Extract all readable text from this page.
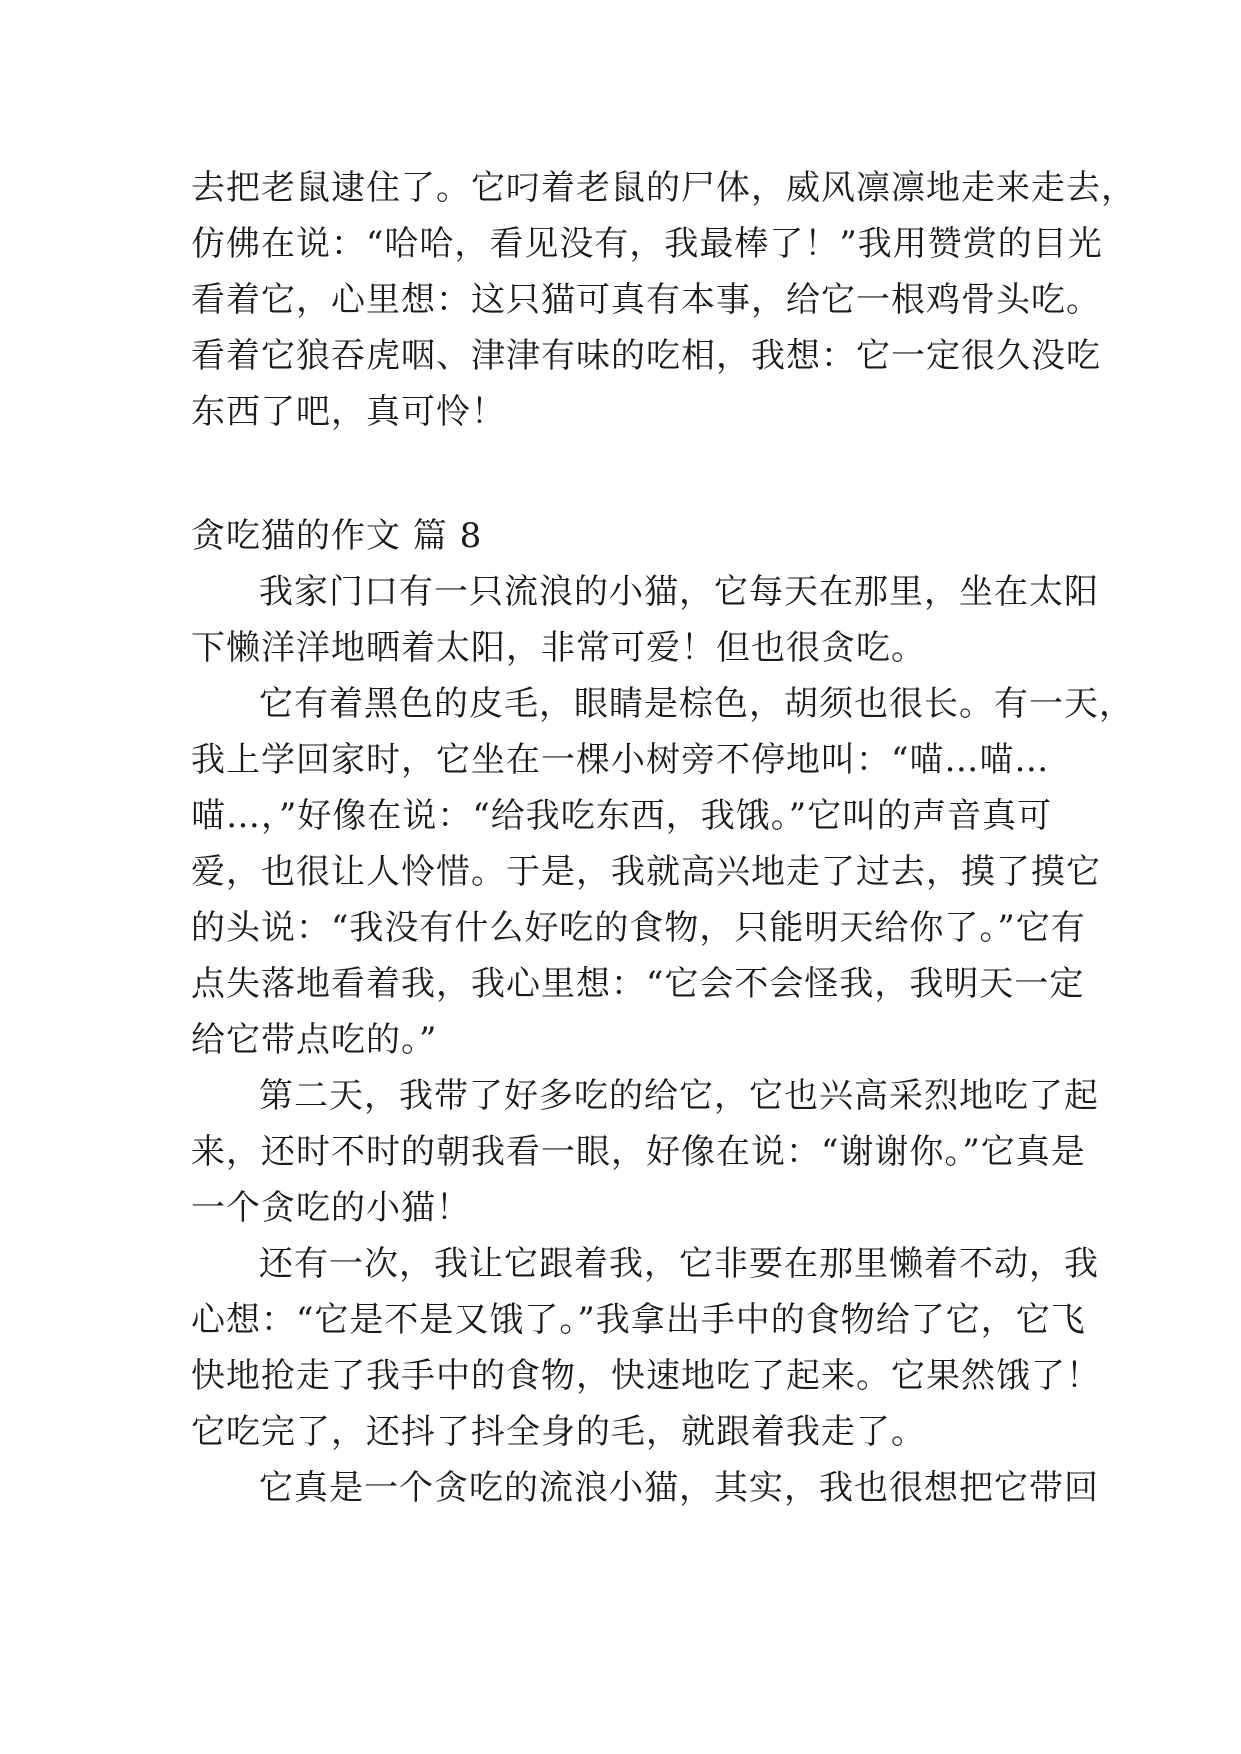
去把老鼠逮住了。它叼着老鼠的尸体，威风凛凛地走来走去，
仿佛在说：“哈哈，看见没有，我最棒了！”我用赞赏的目光
看着它，心里想：这只猫可真有本事，给它一根鸡骨头吃。
看着它狼吞虎咽、津津有味的吃相，我想：它一定很久没吃
东西了吧，真可怜！
贪吃猫的作文 篇 8
我家门口有一只流浪的小猫，它每天在那里，坐在太阳
下懒洋洋地晒着太阳，非常可爱！但也很贪吃。
它有着黑色的皮毛，眼睛是棕色，胡须也很长。有一天，
我上学回家时，它坐在一棵小树旁不停地叫：“喵…喵…
喵…，”好像在说：“给我吃东西，我饿。”它叫的声音真可
爱，也很让人怜惜。于是，我就高兴地走了过去，摸了摸它
的头说：“我没有什么好吃的食物，只能明天给你了。”它有
点失落地看着我，我心里想：“它会不会怪我，我明天一定
给它带点吃的。”
第二天，我带了好多吃的给它，它也兴高采烈地吃了起
来，还时不时的朝我看一眼，好像在说：“谢谢你。”它真是
一个贪吃的小猫！
还有一次，我让它跟着我，它非要在那里懒着不动，我
心想：“它是不是又饿了。”我拿出手中的食物给了它，它飞
快地抢走了我手中的食物，快速地吃了起来。它果然饿了！
它吃完了，还抖了抖全身的毛，就跟着我走了。
它真是一个贪吃的流浪小猫，其实，我也很想把它带回
